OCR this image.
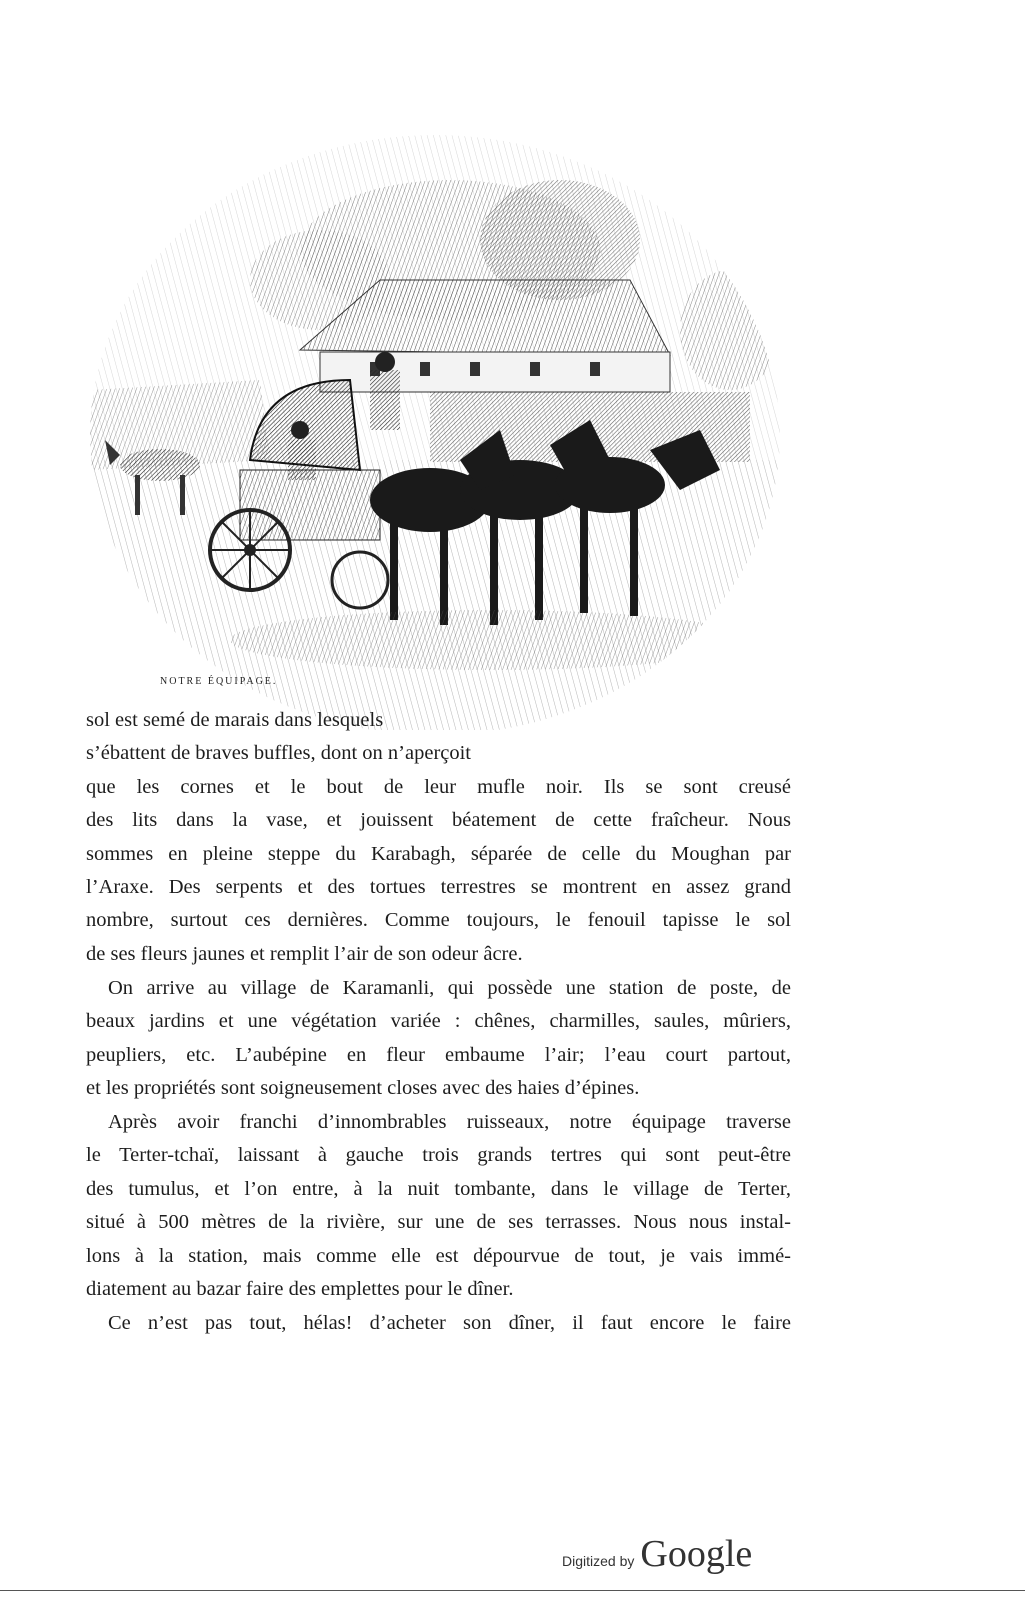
NOTRE ÉQUIPAGE.
sol est semé de marais dans lesquels
s’ébattent de braves buffles, dont on n’aperçoit
que les cornes et le bout de leur mufle noir. Ils se sont creusé
des lits dans la vase, et jouissent béatement de cette fraîcheur. Nous
sommes en pleine steppe du Karabagh, séparée de celle du Moughan par
l’Araxe. Des serpents et des tortues terrestres se montrent en assez grand
nombre, surtout ces dernières. Comme toujours, le fenouil tapisse le sol
de ses fleurs jaunes et remplit l’air de son odeur âcre.
On arrive au village de Karamanli, qui possède une station de poste, de
beaux jardins et une végétation variée : chênes, charmilles, saules, mûriers,
peupliers, etc. L’aubépine en fleur embaume l’air; l’eau court partout,
et les propriétés sont soigneusement closes avec des haies d’épines.
Après avoir franchi d’innombrables ruisseaux, notre équipage traverse
le Terter-tchaï, laissant à gauche trois grands tertres qui sont peut-être
des tumulus, et l’on entre, à la nuit tombante, dans le village de Terter,
situé à 500 mètres de la rivière, sur une de ses terrasses. Nous nous instal-
lons à la station, mais comme elle est dépourvue de tout, je vais immé-
diatement au bazar faire des emplettes pour le dîner.
Ce n’est pas tout, hélas! d’acheter son dîner, il faut encore le faire
Digitized by Google
